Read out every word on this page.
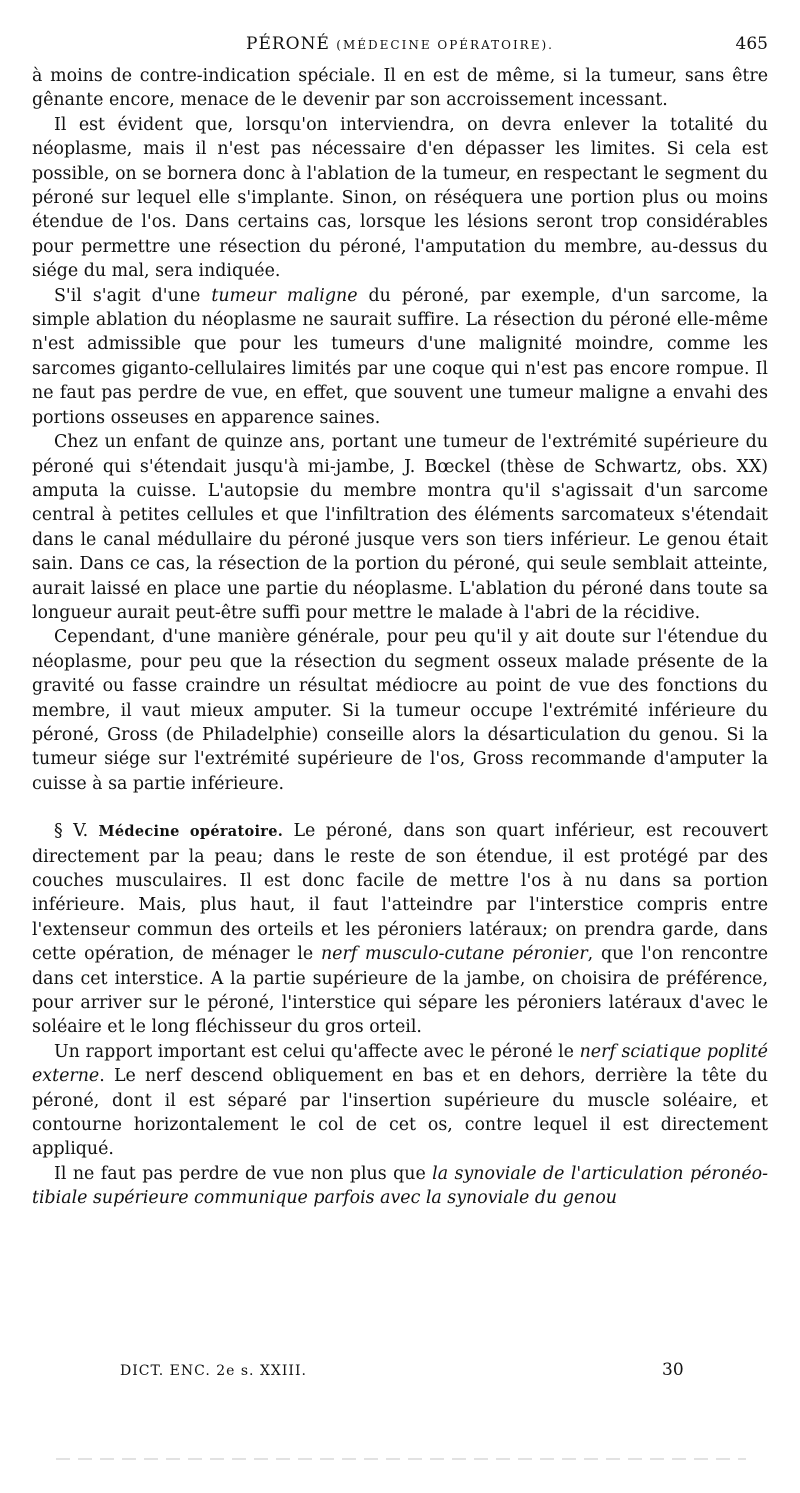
PÉRONÉ (MÉDECINE OPÉRATOIRE).	465

à moins de contre-indication spéciale. Il en est de même, si la tumeur, sans être gênante encore, menace de le devenir par son accroissement incessant.

Il est évident que, lorsqu'on interviendra, on devra enlever la totalité du néoplasme, mais il n'est pas nécessaire d'en dépasser les limites. Si cela est possible, on se bornera donc à l'ablation de la tumeur, en respectant le segment du péroné sur lequel elle s'implante. Sinon, on réséquera une portion plus ou moins étendue de l'os. Dans certains cas, lorsque les lésions seront trop considérables pour permettre une résection du péroné, l'amputation du membre, au-dessus du siége du mal, sera indiquée.

S'il s'agit d'une tumeur maligne du péroné, par exemple, d'un sarcome, la simple ablation du néoplasme ne saurait suffire. La résection du péroné elle-même n'est admissible que pour les tumeurs d'une malignité moindre, comme les sarcomes giganto-cellulaires limités par une coque qui n'est pas encore rompue. Il ne faut pas perdre de vue, en effet, que souvent une tumeur maligne a envahi des portions osseuses en apparence saines.

Chez un enfant de quinze ans, portant une tumeur de l'extrémité supérieure du péroné qui s'étendait jusqu'à mi-jambe, J. Bœckel (thèse de Schwartz, obs. XX) amputa la cuisse. L'autopsie du membre montra qu'il s'agissait d'un sarcome central à petites cellules et que l'infiltration des éléments sarcomateux s'étendait dans le canal médullaire du péroné jusque vers son tiers inférieur. Le genou était sain. Dans ce cas, la résection de la portion du péroné, qui seule semblait atteinte, aurait laissé en place une partie du néoplasme. L'ablation du péroné dans toute sa longueur aurait peut-être suffi pour mettre le malade à l'abri de la récidive.

Cependant, d'une manière générale, pour peu qu'il y ait doute sur l'étendue du néoplasme, pour peu que la résection du segment osseux malade présente de la gravité ou fasse craindre un résultat médiocre au point de vue des fonctions du membre, il vaut mieux amputer. Si la tumeur occupe l'extrémité inférieure du péroné, Gross (de Philadelphie) conseille alors la désarticulation du genou. Si la tumeur siége sur l'extrémité supérieure de l'os, Gross recommande d'amputer la cuisse à sa partie inférieure.

§ V. Médecine opératoire. Le péroné, dans son quart inférieur, est recouvert directement par la peau; dans le reste de son étendue, il est protégé par des couches musculaires. Il est donc facile de mettre l'os à nu dans sa portion inférieure. Mais, plus haut, il faut l'atteindre par l'interstice compris entre l'extenseur commun des orteils et les péroniers latéraux; on prendra garde, dans cette opération, de ménager le nerf musculo-cutane péronier, que l'on rencontre dans cet interstice. A la partie supérieure de la jambe, on choisira de préférence, pour arriver sur le péroné, l'interstice qui sépare les péroniers latéraux d'avec le soléaire et le long fléchisseur du gros orteil.

Un rapport important est celui qu'affecte avec le péroné le nerf sciatique poplité externe. Le nerf descend obliquement en bas et en dehors, derrière la tête du péroné, dont il est séparé par l'insertion supérieure du muscle soléaire, et contourne horizontalement le col de cet os, contre lequel il est directement appliqué.

Il ne faut pas perdre de vue non plus que la synoviale de l'articulation péronéo-tibiale supérieure communique parfois avec la synoviale du genou

DICT. ENC. 2e s. XXIII.	30
